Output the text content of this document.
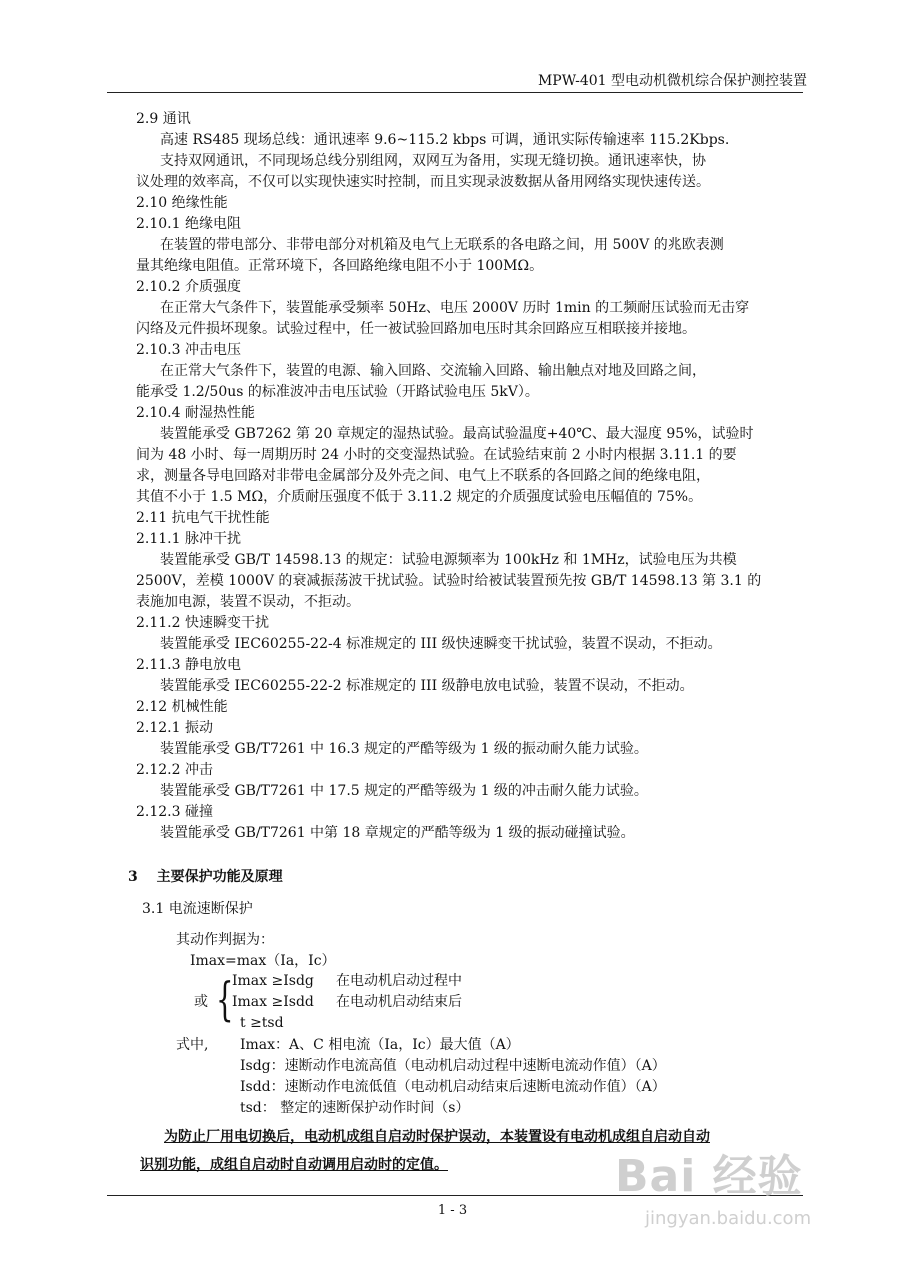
MPW-401 型电动机微机综合保护测控装置
2.9 通讯
高速 RS485 现场总线：通讯速率 9.6~115.2 kbps 可调，通讯实际传输速率 115.2Kbps.
支持双网通讯，不同现场总线分别组网，双网互为备用，实现无缝切换。通讯速率快，协
议处理的效率高，不仅可以实现快速实时控制，而且实现录波数据从备用网络实现快速传送。
2.10 绝缘性能
2.10.1 绝缘电阻
在装置的带电部分、非带电部分对机箱及电气上无联系的各电路之间，用 500V 的兆欧表测
量其绝缘电阻值。正常环境下，各回路绝缘电阻不小于 100MΩ。
2.10.2 介质强度
在正常大气条件下，装置能承受频率 50Hz、电压 2000V 历时 1min 的工频耐压试验而无击穿
闪络及元件损坏现象。试验过程中，任一被试验回路加电压时其余回路应互相联接并接地。
2.10.3 冲击电压
在正常大气条件下，装置的电源、输入回路、交流输入回路、输出触点对地及回路之间，
能承受 1.2/50us 的标准波冲击电压试验（开路试验电压 5kV）。
2.10.4 耐湿热性能
装置能承受 GB7262 第 20 章规定的湿热试验。最高试验温度+40℃、最大湿度 95%，试验时
间为 48 小时、每一周期历时 24 小时的交变湿热试验。在试验结束前 2 小时内根据 3.11.1 的要
求，测量各导电回路对非带电金属部分及外壳之间、电气上不联系的各回路之间的绝缘电阻，
其值不小于 1.5 MΩ，介质耐压强度不低于 3.11.2 规定的介质强度试验电压幅值的 75%。
2.11 抗电气干扰性能
2.11.1 脉冲干扰
装置能承受 GB/T 14598.13 的规定：试验电源频率为 100kHz 和 1MHz，试验电压为共模
2500V，差模 1000V 的衰减振荡波干扰试验。试验时给被试装置预先按 GB/T 14598.13 第 3.1 的
表施加电源，装置不误动，不拒动。
2.11.2 快速瞬变干扰
装置能承受 IEC60255-22-4 标准规定的 III 级快速瞬变干扰试验，装置不误动，不拒动。
2.11.3 静电放电
装置能承受 IEC60255-22-2 标准规定的 III 级静电放电试验，装置不误动，不拒动。
2.12 机械性能
2.12.1 振动
装置能承受 GB/T7261 中 16.3 规定的严酷等级为 1 级的振动耐久能力试验。
2.12.2 冲击
装置能承受 GB/T7261 中 17.5 规定的严酷等级为 1 级的冲击耐久能力试验。
2.12.3 碰撞
装置能承受 GB/T7261 中第 18 章规定的严酷等级为 1 级的振动碰撞试验。
3 主要保护功能及原理
3.1 电流速断保护
其动作判据为：
Imax=max（Ia，Ic）
或 {
Imax ≥Isdg 在电动机启动过程中
Imax ≥Isdd 在电动机启动结束后
t ≥tsd
式中, Imax：A、C 相电流（Ia，Ic）最大值（A）
Isdg：速断动作电流高值（电动机启动过程中速断电流动作值）（A）
Isdd：速断动作电流低值（电动机启动结束后速断电流动作值）（A）
tsd： 整定的速断保护动作时间（s）
为防止厂用电切换后，电动机成组自启动时保护误动，本装置设有电动机成组自启动自动
识别功能，成组自启动时自动调用启动时的定值。
1 - 3
Bai 经验
jingyan.baidu.com
